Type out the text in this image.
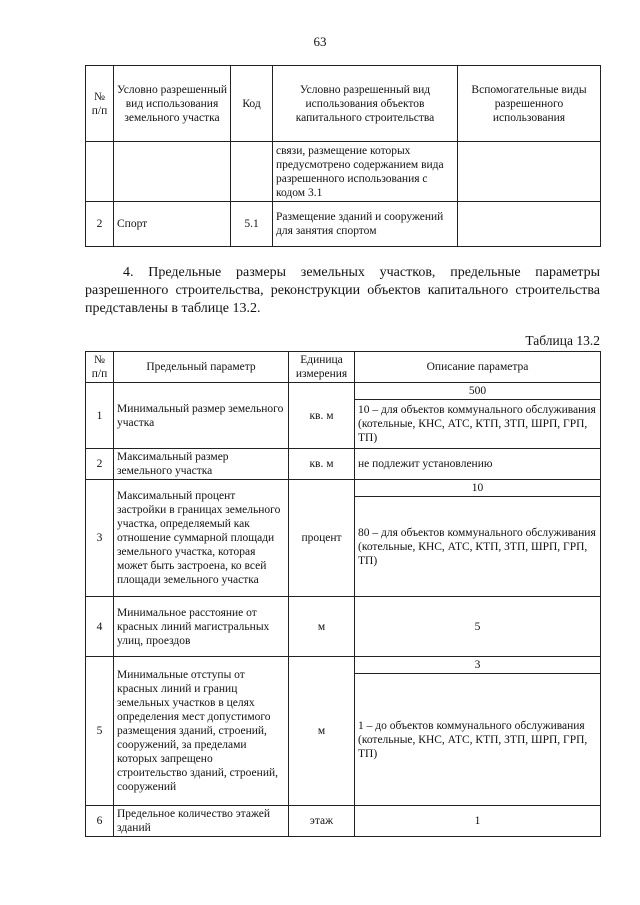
63
№ п/п	Условно разрешенный вид использования земельного участка	Код	Условно разрешенный вид использования объектов капитального строительства	Вспомогательные виды разрешенного использования
			связи, размещение которых предусмотрено содержанием вида разрешенного использования с кодом 3.1	
2	Спорт	5.1	Размещение зданий и сооружений для занятия спортом	
4. Предельные размеры земельных участков, предельные параметры разрешенного строительства, реконструкции объектов капитального строительства представлены в таблице 13.2.
Таблица 13.2
№ п/п	Предельный параметр	Единица измерения	Описание параметра
1	Минимальный размер земельного участка	кв. м	500
			10 – для объектов коммунального обслуживания (котельные, КНС, АТС, КТП, ЗТП, ШРП, ГРП, ТП)
2	Максимальный размер земельного участка	кв. м	не подлежит установлению
3	Максимальный процент застройки в границах земельного участка, определяемый как отношение суммарной площади земельного участка, которая может быть застроена, ко всей площади земельного участка	процент	10
			80 – для объектов коммунального обслуживания (котельные, КНС, АТС, КТП, ЗТП, ШРП, ГРП, ТП)
4	Минимальное расстояние от красных линий магистральных улиц, проездов	м	5
5	Минимальные отступы от красных линий и границ земельных участков в целях определения мест допустимого размещения зданий, строений, сооружений, за пределами которых запрещено строительство зданий, строений, сооружений	м	3
			1 – до объектов коммунального обслуживания (котельные, КНС, АТС, КТП, ЗТП, ШРП, ГРП, ТП)
6	Предельное количество этажей зданий	этаж	1
